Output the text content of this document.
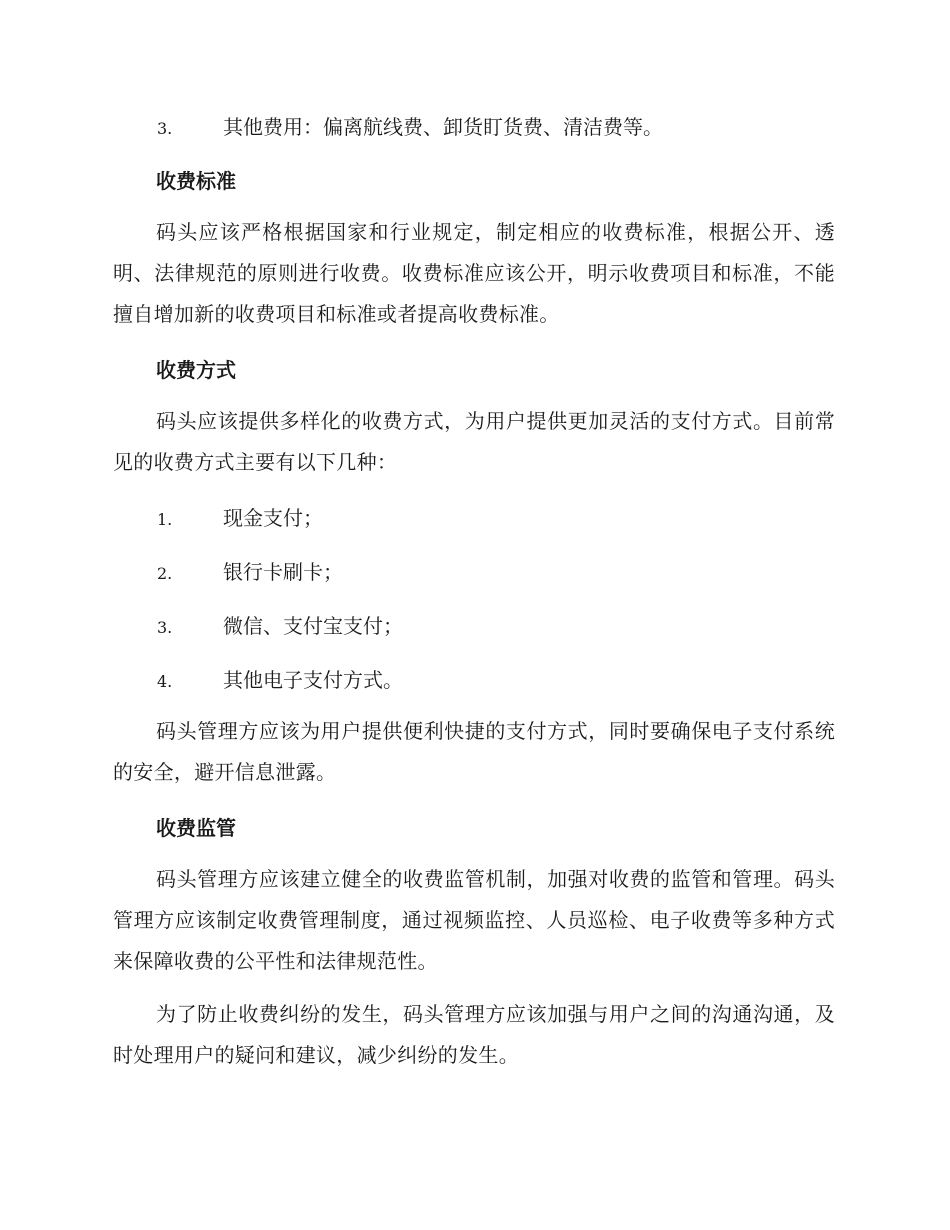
3.	其他费用：偏离航线费、卸货盯货费、清洁费等。
收费标准

码头应该严格根据国家和行业规定，制定相应的收费标准，根据公开、透明、法律规范的原则进行收费。收费标准应该公开，明示收费项目和标准，不能擅自增加新的收费项目和标准或者提高收费标准。

收费方式

码头应该提供多样化的收费方式，为用户提供更加灵活的支付方式。目前常见的收费方式主要有以下几种：

1.	现金支付；
2.	银行卡刷卡；
3.	微信、支付宝支付；
4.	其他电子支付方式。

码头管理方应该为用户提供便利快捷的支付方式，同时要确保电子支付系统的安全，避开信息泄露。

收费监管

码头管理方应该建立健全的收费监管机制，加强对收费的监管和管理。码头管理方应该制定收费管理制度，通过视频监控、人员巡检、电子收费等多种方式来保障收费的公平性和法律规范性。

为了防止收费纠纷的发生，码头管理方应该加强与用户之间的沟通沟通，及时处理用户的疑问和建议，减少纠纷的发生。
